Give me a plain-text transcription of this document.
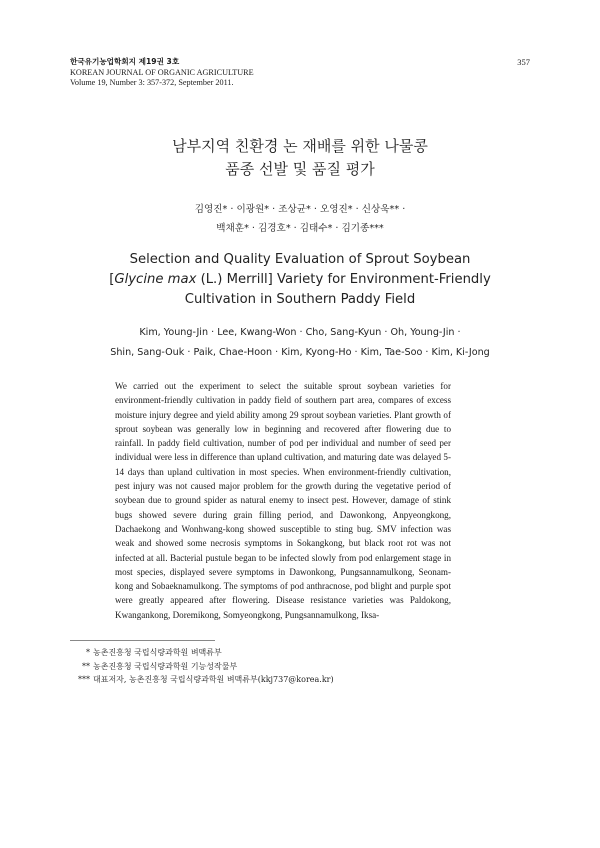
한국유기농업학회지 제19권 3호
KOREAN JOURNAL OF ORGANIC AGRICULTURE
Volume 19, Number 3: 357-372, September 2011.
357
남부지역 친환경 논 재배를 위한 나물콩
품종 선발 및 품질 평가
김영진* · 이광원* · 조상균* · 오영진* · 신상욱** ·
백채훈* · 김경호* · 김태수* · 김기종***
Selection and Quality Evaluation of Sprout Soybean
[Glycine max (L.) Merrill] Variety for Environment-Friendly
Cultivation in Southern Paddy Field
Kim, Young-Jin · Lee, Kwang-Won · Cho, Sang-Kyun · Oh, Young-Jin ·
Shin, Sang-Ouk · Paik, Chae-Hoon · Kim, Kyong-Ho · Kim, Tae-Soo · Kim, Ki-Jong
We carried out the experiment to select the suitable sprout soybean varieties for environment-friendly cultivation in paddy field of southern part area, compares of excess moisture injury degree and yield ability among 29 sprout soybean varieties. Plant growth of sprout soybean was generally low in beginning and recovered after flowering due to rainfall. In paddy field cultivation, number of pod per individual and number of seed per individual were less in difference than upland cultivation, and maturing date was delayed 5-14 days than upland cultivation in most species. When environment-friendly cultivation, pest injury was not caused major problem for the growth during the vegetative period of soybean due to ground spider as natural enemy to insect pest. However, damage of stink bugs showed severe during grain filling period, and Dawonkong, Anpyeongkong, Dachaekong and Wonhwang-kong showed susceptible to sting bug. SMV infection was weak and showed some necrosis symptoms in Sokangkong, but black root rot was not infected at all. Bacterial pustule began to be infected slowly from pod enlargement stage in most species, displayed severe symptoms in Dawonkong, Pungsannamulkong, Seonam-kong and Sobaeknamulkong. The symptoms of pod anthracnose, pod blight and purple spot were greatly appeared after flowering. Disease resistance varieties was Paldokong, Kwangankong, Doremikong, Somyeongkong, Pungsannamulkong, Iksa-
* 농촌진흥청 국립식량과학원 벼맥류부
** 농촌진흥청 국립식량과학원 기능성작물부
*** 대표저자, 농촌진흥청 국립식량과학원 벼맥류부(kkj737@korea.kr)
